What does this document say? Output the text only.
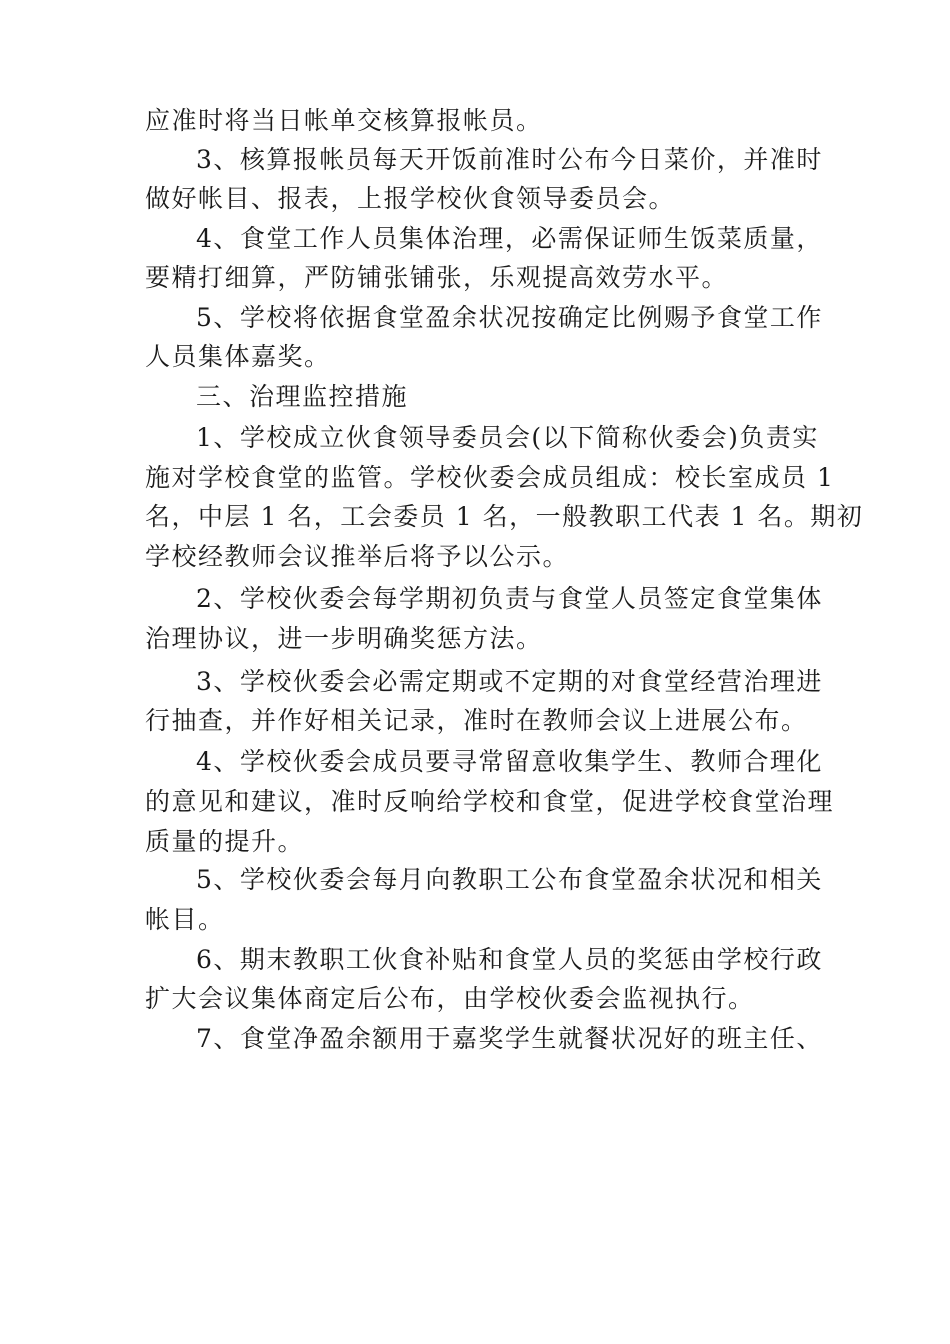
应准时将当日帐单交核算报帐员。
3、核算报帐员每天开饭前准时公布今日菜价，并准时
做好帐目、报表，上报学校伙食领导委员会。
4、食堂工作人员集体治理，必需保证师生饭菜质量，
要精打细算，严防铺张铺张，乐观提高效劳水平。
5、学校将依据食堂盈余状况按确定比例赐予食堂工作
人员集体嘉奖。
三、治理监控措施
1、学校成立伙食领导委员会(以下简称伙委会)负责实
施对学校食堂的监管。学校伙委会成员组成：校长室成员 1
名，中层 1 名，工会委员 1 名，一般教职工代表 1 名。期初
学校经教师会议推举后将予以公示。
2、学校伙委会每学期初负责与食堂人员签定食堂集体
治理协议，进一步明确奖惩方法。
3、学校伙委会必需定期或不定期的对食堂经营治理进
行抽查，并作好相关记录，准时在教师会议上进展公布。
4、学校伙委会成员要寻常留意收集学生、教师合理化
的意见和建议，准时反响给学校和食堂，促进学校食堂治理
质量的提升。
5、学校伙委会每月向教职工公布食堂盈余状况和相关
帐目。
6、期末教职工伙食补贴和食堂人员的奖惩由学校行政
扩大会议集体商定后公布，由学校伙委会监视执行。
7、食堂净盈余额用于嘉奖学生就餐状况好的班主任、
